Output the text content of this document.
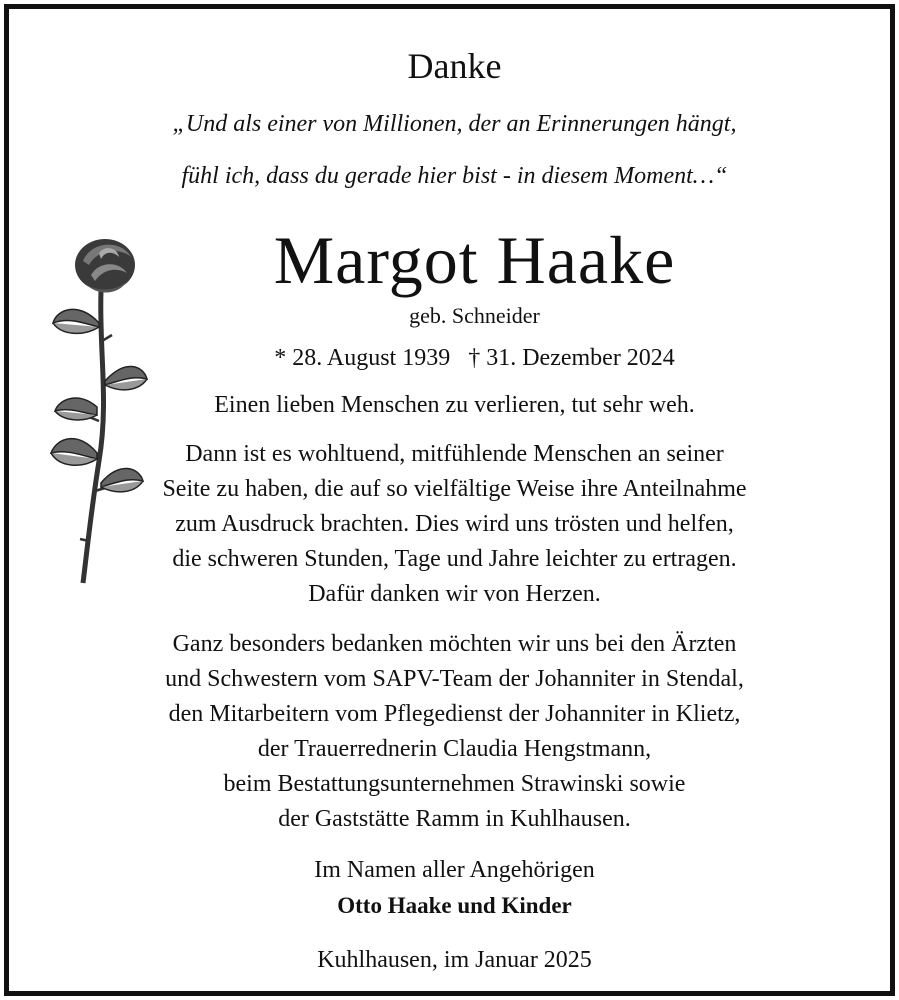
Danke
„Und als einer von Millionen, der an Erinnerungen hängt,
fühl ich, dass du gerade hier bist - in diesem Moment…“
Margot Haake
geb. Schneider
* 28. August 1939 † 31. Dezember 2024
Einen lieben Menschen zu verlieren, tut sehr weh.
Dann ist es wohltuend, mitfühlende Menschen an seiner
Seite zu haben, die auf so vielfältige Weise ihre Anteilnahme
zum Ausdruck brachten. Dies wird uns trösten und helfen,
die schweren Stunden, Tage und Jahre leichter zu ertragen.
Dafür danken wir von Herzen.
Ganz besonders bedanken möchten wir uns bei den Ärzten
und Schwestern vom SAPV-Team der Johanniter in Stendal,
den Mitarbeitern vom Pflegedienst der Johanniter in Klietz,
der Trauerrednerin Claudia Hengstmann,
beim Bestattungsunternehmen Strawinski sowie
der Gaststätte Ramm in Kuhlhausen.
Im Namen aller Angehörigen
Otto Haake und Kinder
Kuhlhausen, im Januar 2025
